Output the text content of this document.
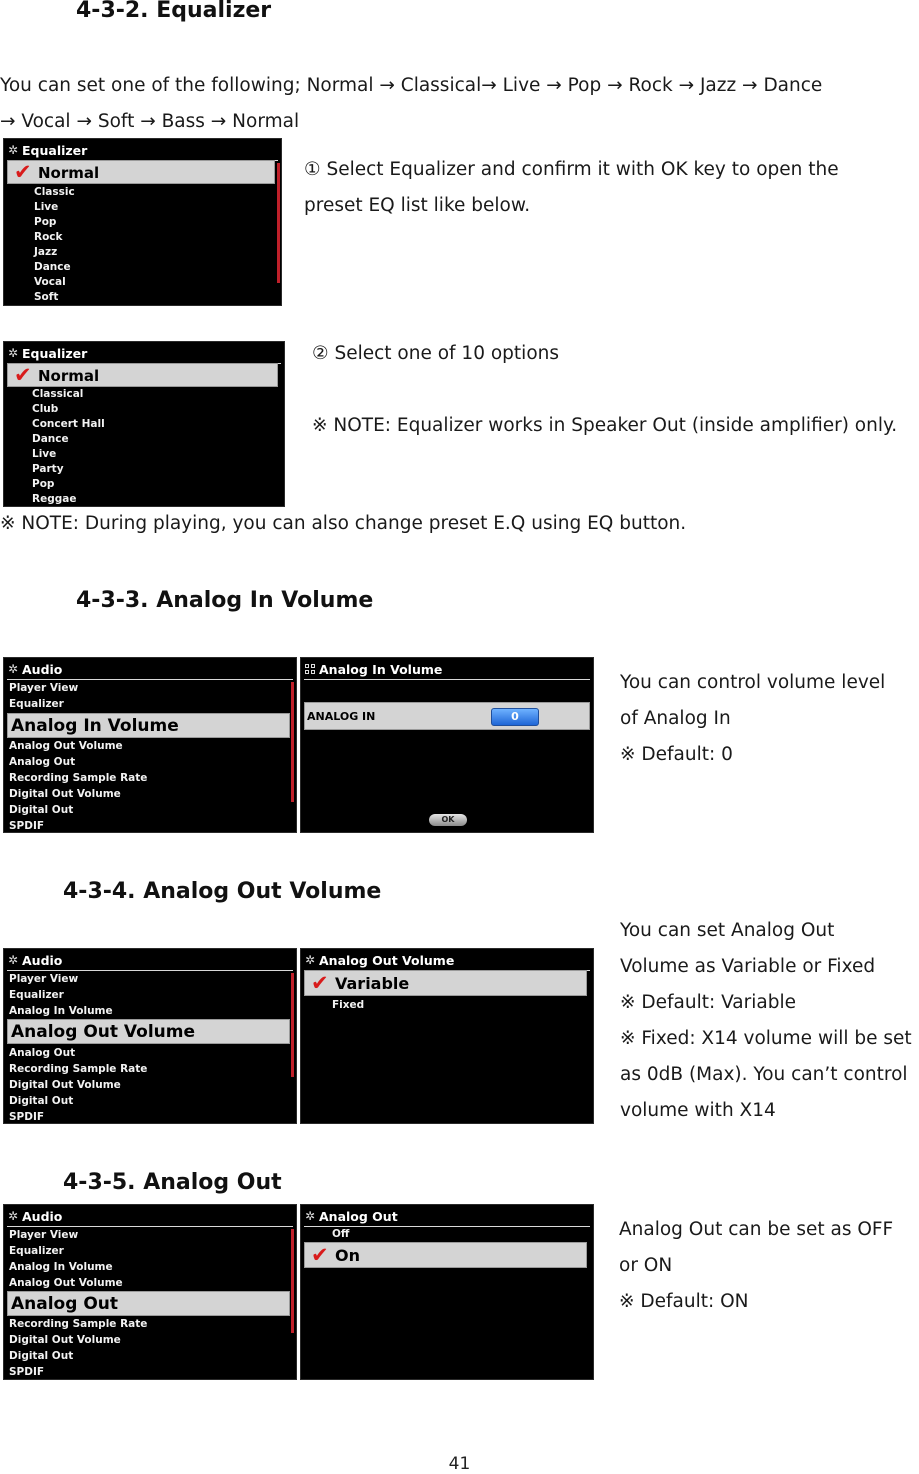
4-3-2. Equalizer
You can set one of the following; Normal → Classical→ Live → Pop → Rock → Jazz → Dance
→ Vocal → Soft → Bass → Normal
✲ Equalizer
✔ Normal
Classic
Live
Pop
Rock
Jazz
Dance
Vocal
Soft
① Select Equalizer and confirm it with OK key to open the
preset EQ list like below.
✲ Equalizer
✔ Normal
Classical
Club
Concert Hall
Dance
Live
Party
Pop
Reggae
② Select one of 10 options
※ NOTE: Equalizer works in Speaker Out (inside amplifier) only.
※ NOTE: During playing, you can also change preset E.Q using EQ button.
4-3-3. Analog In Volume
✲ Audio
Player View
Equalizer
Analog In Volume
Analog Out Volume
Analog Out
Recording Sample Rate
Digital Out Volume
Digital Out
SPDIF
Analog In Volume
ANALOG IN	0
OK
You can control volume level
of Analog In
※ Default: 0
4-3-4. Analog Out Volume
✲ Audio
Player View
Equalizer
Analog In Volume
Analog Out Volume
Analog Out
Recording Sample Rate
Digital Out Volume
Digital Out
SPDIF
✲ Analog Out Volume
✔ Variable
Fixed
You can set Analog Out
Volume as Variable or Fixed
※ Default: Variable
※ Fixed: X14 volume will be set
as 0dB (Max). You can’t control
volume with X14
4-3-5. Analog Out
✲ Audio
Player View
Equalizer
Analog In Volume
Analog Out Volume
Analog Out
Recording Sample Rate
Digital Out Volume
Digital Out
SPDIF
✲ Analog Out
Off
✔ On
Analog Out can be set as OFF
or ON
※ Default: ON
41
